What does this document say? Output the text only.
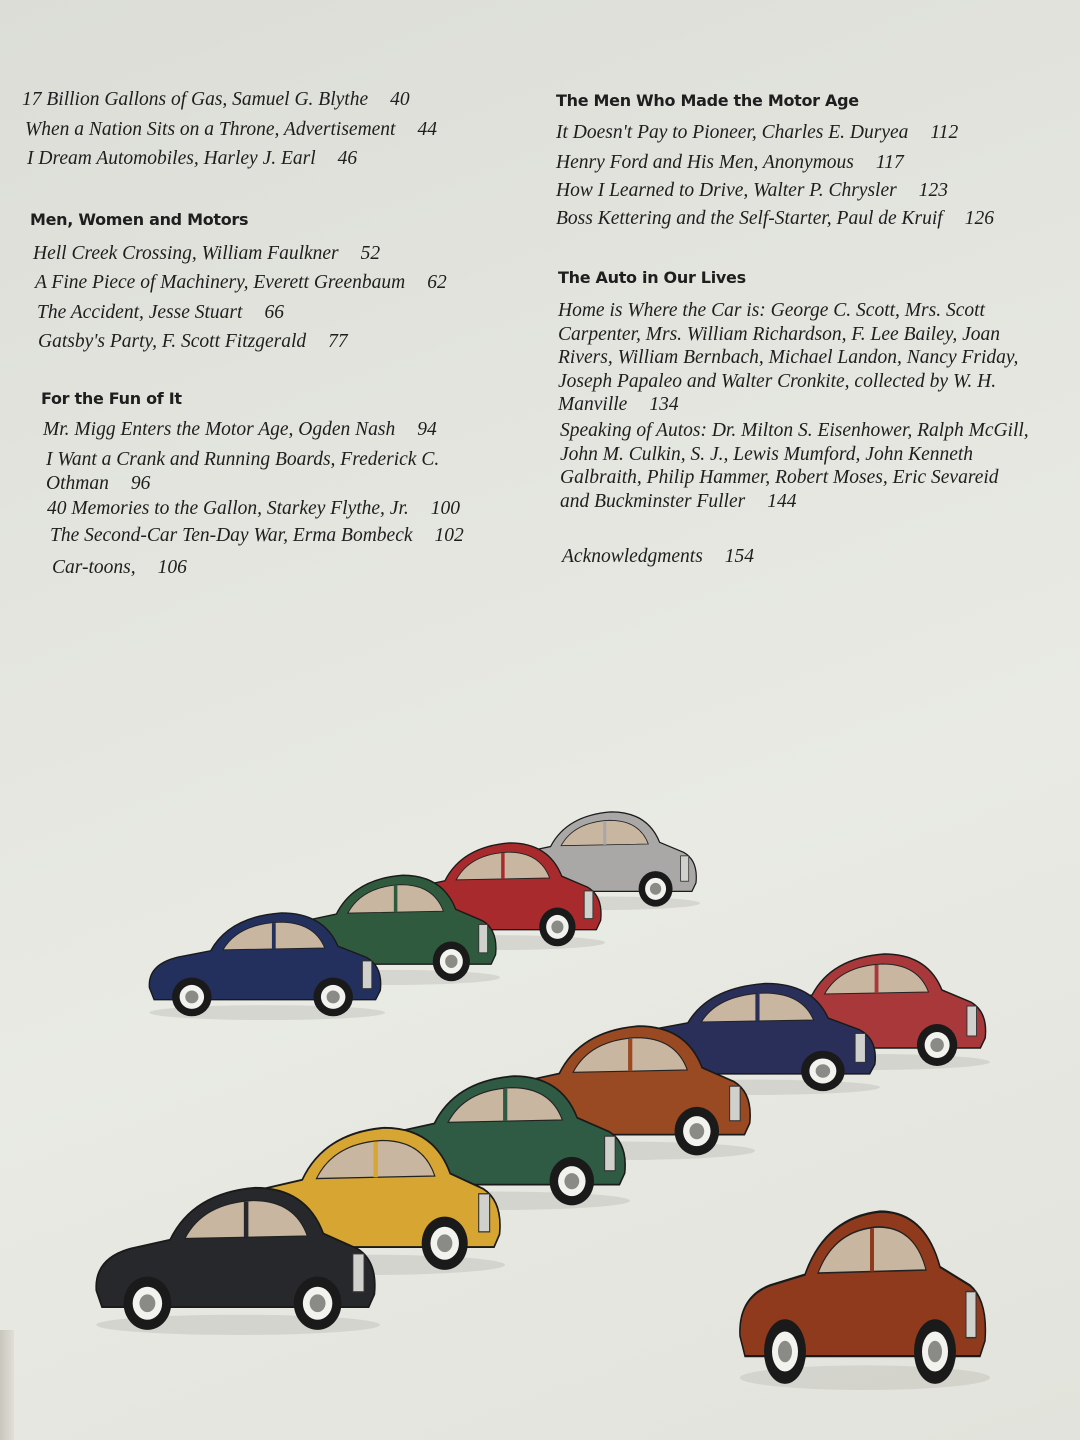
17 Billion Gallons of Gas, Samuel G. Blythe 40
When a Nation Sits on a Throne, Advertisement 44
I Dream Automobiles, Harley J. Earl 46
Men, Women and Motors
Hell Creek Crossing, William Faulkner 52
A Fine Piece of Machinery, Everett Greenbaum 62
The Accident, Jesse Stuart 66
Gatsby's Party, F. Scott Fitzgerald 77
For the Fun of It
Mr. Migg Enters the Motor Age, Ogden Nash 94
I Want a Crank and Running Boards, Frederick C.
Othman 96
40 Memories to the Gallon, Starkey Flythe, Jr. 100
The Second-Car Ten-Day War, Erma Bombeck 102
Car-toons, 106
The Men Who Made the Motor Age
It Doesn't Pay to Pioneer, Charles E. Duryea 112
Henry Ford and His Men, Anonymous 117
How I Learned to Drive, Walter P. Chrysler 123
Boss Kettering and the Self-Starter, Paul de Kruif 126
The Auto in Our Lives
Home is Where the Car is: George C. Scott, Mrs. Scott Carpenter, Mrs. William Richardson, F. Lee Bailey, Joan Rivers, William Bernbach, Michael Landon, Nancy Friday, Joseph Papaleo and Walter Cronkite, collected by W. H. Manville 134
Speaking of Autos: Dr. Milton S. Eisenhower, Ralph McGill, John M. Culkin, S. J., Lewis Mumford, John Kenneth Galbraith, Philip Hammer, Robert Moses, Eric Sevareid and Buckminster Fuller 144
Acknowledgments 154
